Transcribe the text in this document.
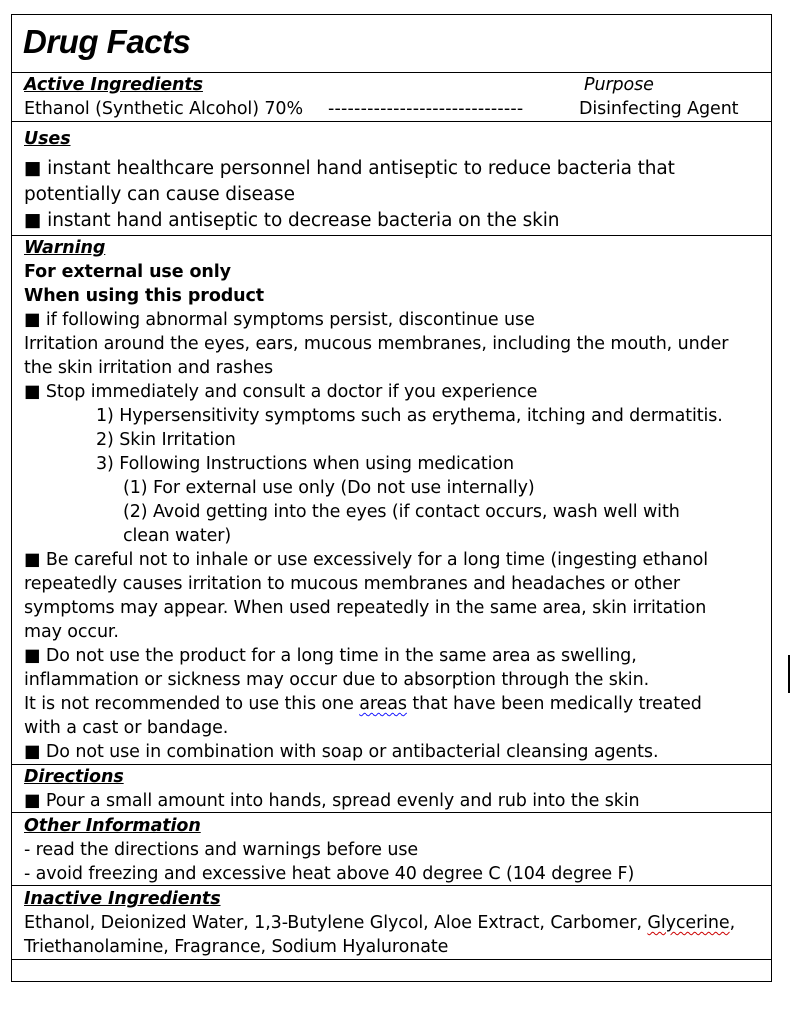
Drug Facts
Active Ingredients	Purpose
Ethanol (Synthetic Alcohol) 70% ------------------------------	Disinfecting Agent
Uses
■ instant healthcare personnel hand antiseptic to reduce bacteria that
potentially can cause disease
■ instant hand antiseptic to decrease bacteria on the skin
Warning
For external use only
When using this product
■ if following abnormal symptoms persist, discontinue use
Irritation around the eyes, ears, mucous membranes, including the mouth, under
the skin irritation and rashes
■ Stop immediately and consult a doctor if you experience
1) Hypersensitivity symptoms such as erythema, itching and dermatitis.
2) Skin Irritation
3) Following Instructions when using medication
(1) For external use only (Do not use internally)
(2) Avoid getting into the eyes (if contact occurs, wash well with
clean water)
■ Be careful not to inhale or use excessively for a long time (ingesting ethanol
repeatedly causes irritation to mucous membranes and headaches or other
symptoms may appear. When used repeatedly in the same area, skin irritation
may occur.
■ Do not use the product for a long time in the same area as swelling,
inflammation or sickness may occur due to absorption through the skin.
It is not recommended to use this one areas that have been medically treated
with a cast or bandage.
■ Do not use in combination with soap or antibacterial cleansing agents.
Directions
■ Pour a small amount into hands, spread evenly and rub into the skin
Other Information
- read the directions and warnings before use
- avoid freezing and excessive heat above 40 degree C (104 degree F)
Inactive Ingredients
Ethanol, Deionized Water, 1,3-Butylene Glycol, Aloe Extract, Carbomer, Glycerine,
Triethanolamine, Fragrance, Sodium Hyaluronate
